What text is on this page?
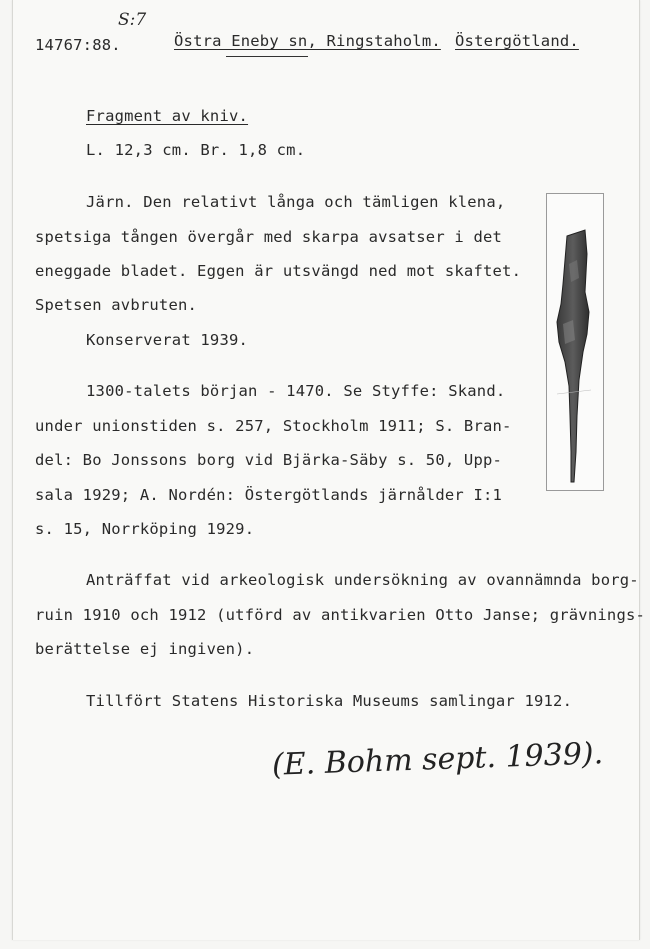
S:7
14767:88.	Östra Eneby sn, Ringstaholm. Östergötland.
Fragment av kniv.
L. 12,3 cm. Br. 1,8 cm.
Järn. Den relativt långa och tämligen klena,
spetsiga tången övergår med skarpa avsatser i det
eneggade bladet. Eggen är utsvängd ned mot skaftet.
Spetsen avbruten.
Konserverat 1939.
1300-talets början - 1470. Se Styffe: Skand.
under unionstiden s. 257, Stockholm 1911; S. Bran-
del: Bo Jonssons borg vid Bjärka-Säby s. 50, Upp-
sala 1929; A. Nordén: Östergötlands järnålder I:1
s. 15, Norrköping 1929.
Anträffat vid arkeologisk undersökning av ovannämnda borg-
ruin 1910 och 1912 (utförd av antikvarien Otto Janse; grävnings-
berättelse ej ingiven).
Tillfört Statens Historiska Museums samlingar 1912.
(E. Bohm sept. 1939).
